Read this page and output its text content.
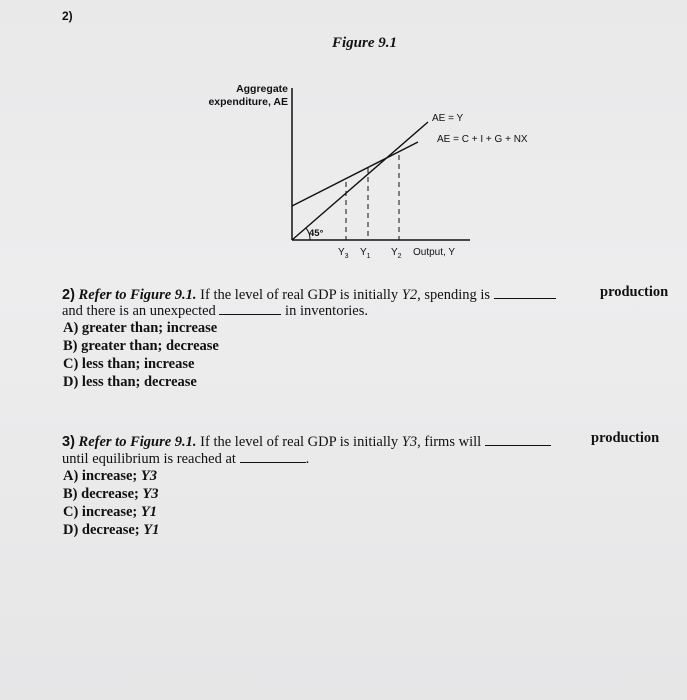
2)
Figure 9.1
Aggregate
expenditure, AE
45°
AE = Y
AE = C + I + G + NX
$Y_3$ $Y_1$ $Y_2$ Output, Y
2) Refer to Figure 9.1. If the level of real GDP is initially Y2, spending is	production
and there is an unexpected	in inventories.
A) greater than; increase
B) greater than; decrease
C) less than; increase
D) less than; decrease
3) Refer to Figure 9.1. If the level of real GDP is initially Y3, firms will	production
until equilibrium is reached at	.
A) increase; Y3
B) decrease; Y3
C) increase; Y1
D) decrease; Y1
